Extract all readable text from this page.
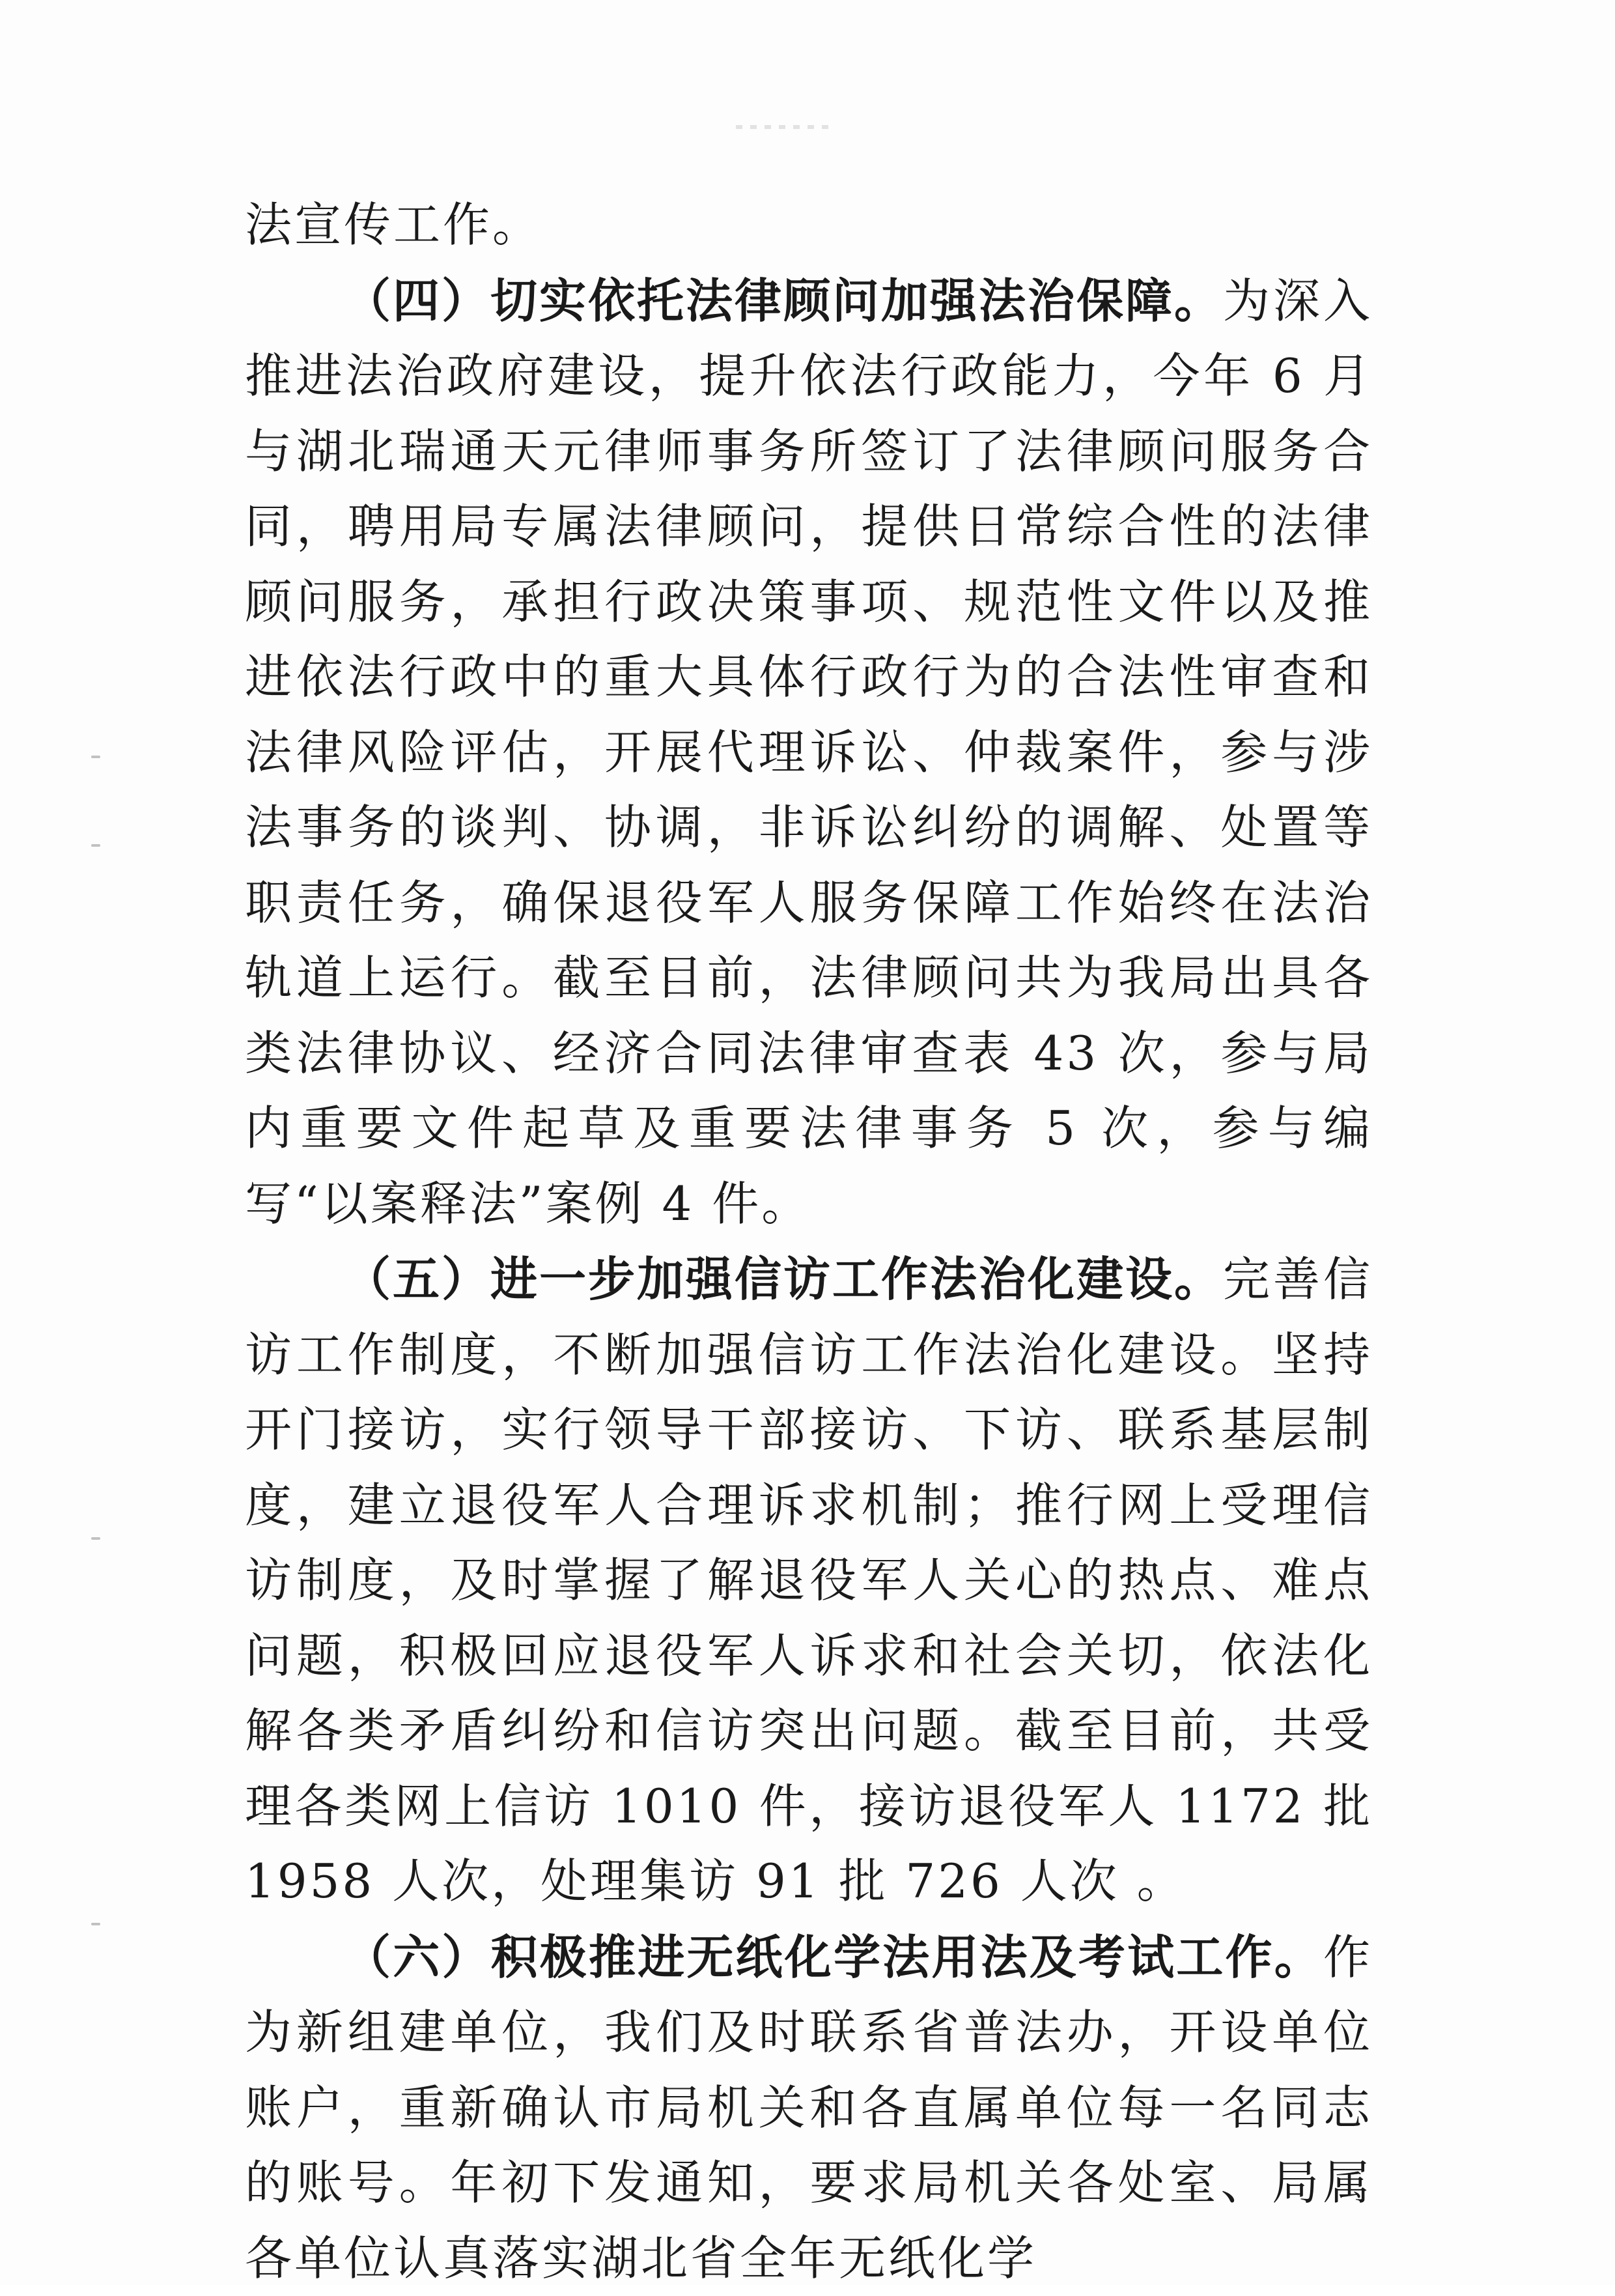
法宣传工作。

（四）切实依托法律顾问加强法治保障。为深入推进法治政府建设，提升依法行政能力，今年 6 月与湖北瑞通天元律师事务所签订了法律顾问服务合同，聘用局专属法律顾问，提供日常综合性的法律顾问服务，承担行政决策事项、规范性文件以及推进依法行政中的重大具体行政行为的合法性审查和法律风险评估，开展代理诉讼、仲裁案件，参与涉法事务的谈判、协调，非诉讼纠纷的调解、处置等职责任务，确保退役军人服务保障工作始终在法治轨道上运行。截至目前，法律顾问共为我局出具各类法律协议、经济合同法律审查表 43 次，参与局内重要文件起草及重要法律事务 5 次，参与编写“以案释法”案例 4 件。

（五）进一步加强信访工作法治化建设。完善信访工作制度，不断加强信访工作法治化建设。坚持开门接访，实行领导干部接访、下访、联系基层制度，建立退役军人合理诉求机制；推行网上受理信访制度，及时掌握了解退役军人关心的热点、难点问题，积极回应退役军人诉求和社会关切，依法化解各类矛盾纠纷和信访突出问题。截至目前，共受理各类网上信访 1010 件，接访退役军人 1172 批 1958 人次，处理集访 91 批 726 人次 。

（六）积极推进无纸化学法用法及考试工作。作为新组建单位，我们及时联系省普法办，开设单位账户，重新确认市局机关和各直属单位每一名同志的账号。年初下发通知，要求局机关各处室、局属各单位认真落实湖北省全年无纸化学
